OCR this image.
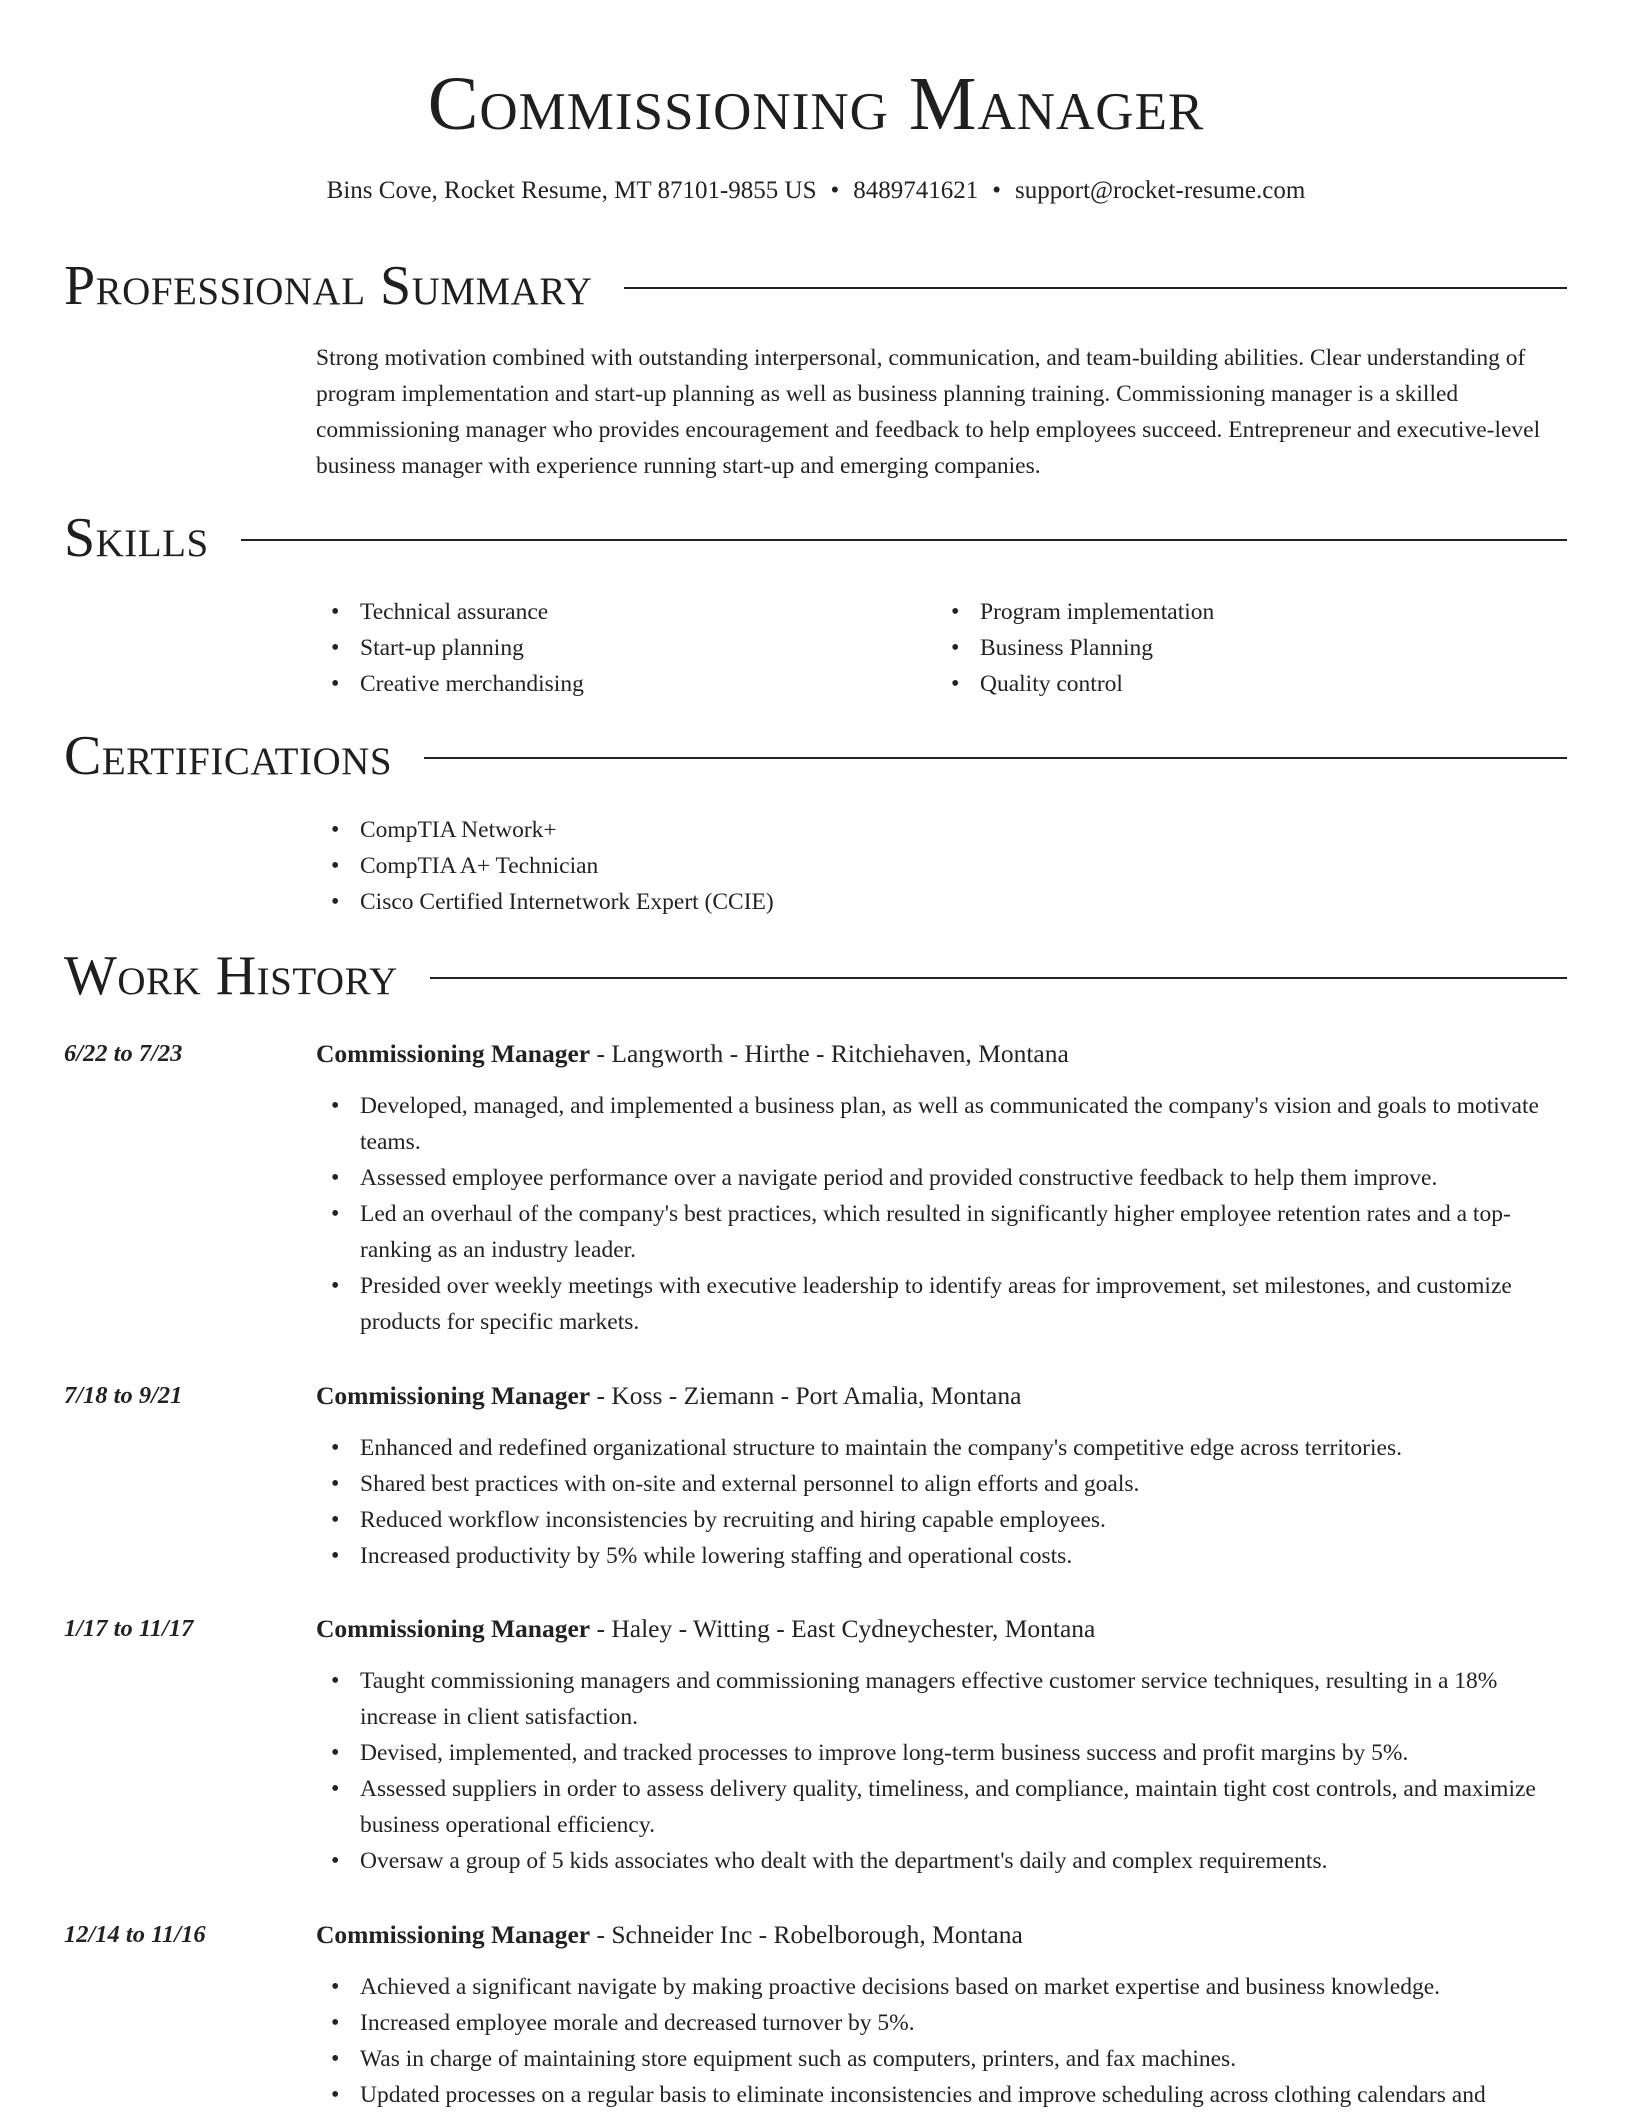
Commissioning Manager
Bins Cove, Rocket Resume, MT 87101-9855 US • 8489741621 • support@rocket-resume.com
Professional Summary

Strong motivation combined with outstanding interpersonal, communication, and team-building abilities. Clear understanding of program implementation and start-up planning as well as business planning training. Commissioning manager is a skilled commissioning manager who provides encouragement and feedback to help employees succeed. Entrepreneur and executive-level business manager with experience running start-up and emerging companies.

Skills
• Technical assurance
• Start-up planning
• Creative merchandising
• Program implementation
• Business Planning
• Quality control
Certifications
• CompTIA Network+
• CompTIA A+ Technician
• Cisco Certified Internetwork Expert (CCIE)
Work History
6/22 to 7/23	Commissioning Manager - Langworth - Hirthe - Ritchiehaven, Montana
• Developed, managed, and implemented a business plan, as well as communicated the company's vision and goals to motivate teams.
• Assessed employee performance over a navigate period and provided constructive feedback to help them improve.
• Led an overhaul of the company's best practices, which resulted in significantly higher employee retention rates and a top-ranking as an industry leader.
• Presided over weekly meetings with executive leadership to identify areas for improvement, set milestones, and customize products for specific markets.
7/18 to 9/21	Commissioning Manager - Koss - Ziemann - Port Amalia, Montana
• Enhanced and redefined organizational structure to maintain the company's competitive edge across territories.
• Shared best practices with on-site and external personnel to align efforts and goals.
• Reduced workflow inconsistencies by recruiting and hiring capable employees.
• Increased productivity by 5% while lowering staffing and operational costs.
1/17 to 11/17	Commissioning Manager - Haley - Witting - East Cydneychester, Montana
• Taught commissioning managers and commissioning managers effective customer service techniques, resulting in a 18% increase in client satisfaction.
• Devised, implemented, and tracked processes to improve long-term business success and profit margins by 5%.
• Assessed suppliers in order to assess delivery quality, timeliness, and compliance, maintain tight cost controls, and maximize business operational efficiency.
• Oversaw a group of 5 kids associates who dealt with the department's daily and complex requirements.
12/14 to 11/16	Commissioning Manager - Schneider Inc - Robelborough, Montana
• Achieved a significant navigate by making proactive decisions based on market expertise and business knowledge.
• Increased employee morale and decreased turnover by 5%.
• Was in charge of maintaining store equipment such as computers, printers, and fax machines.
• Updated processes on a regular basis to eliminate inconsistencies and improve scheduling across clothing calendars and
